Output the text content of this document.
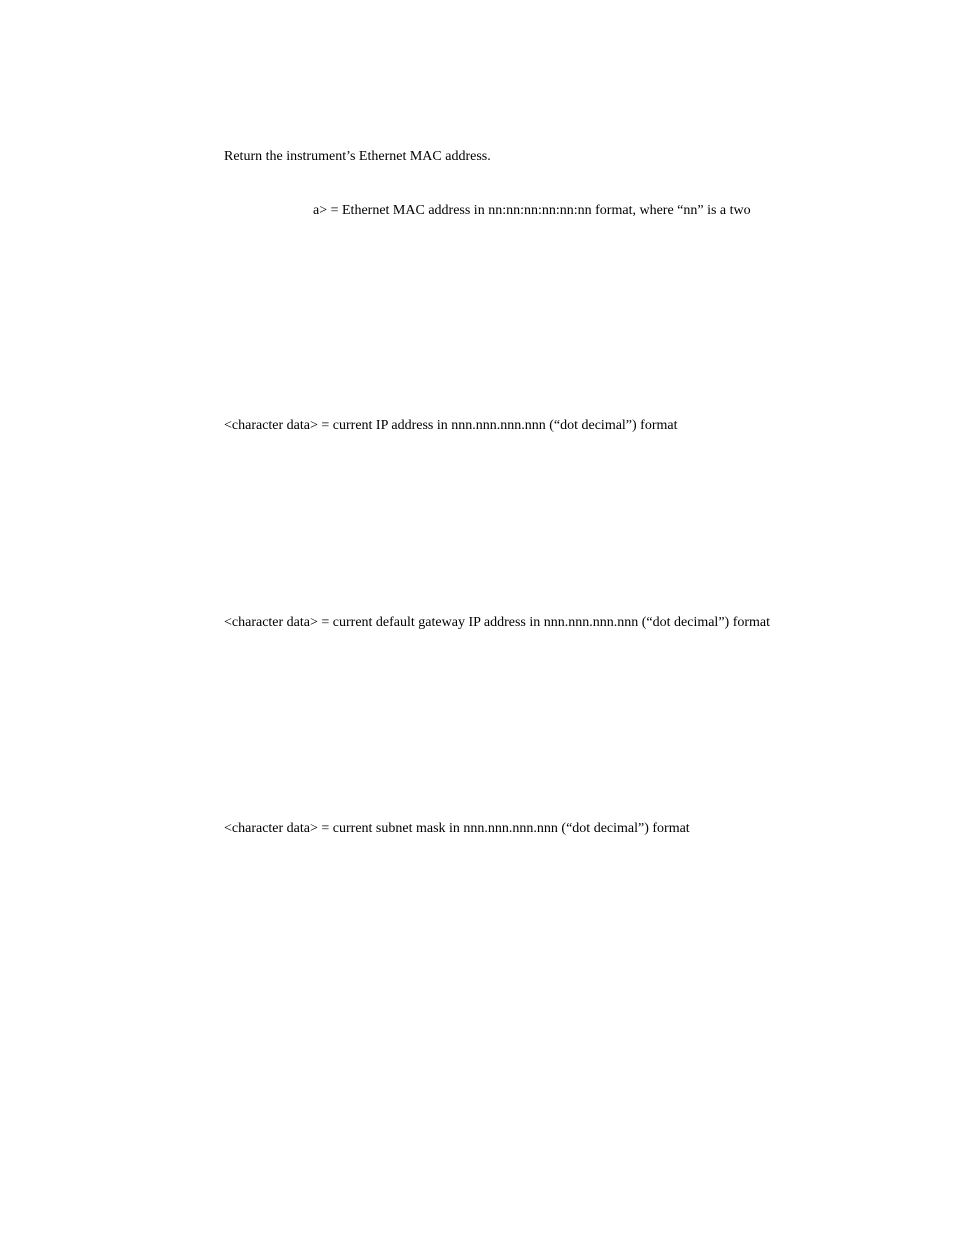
Return the instrument’s Ethernet MAC address.
a> = Ethernet MAC address in nn:nn:nn:nn:nn:nn format, where “nn” is a two
<character data> = current IP address in nnn.nnn.nnn.nnn (“dot decimal”) format
<character data> = current default gateway IP address in nnn.nnn.nnn.nnn (“dot decimal”) format
<character data> = current subnet mask in nnn.nnn.nnn.nnn (“dot decimal”) format
